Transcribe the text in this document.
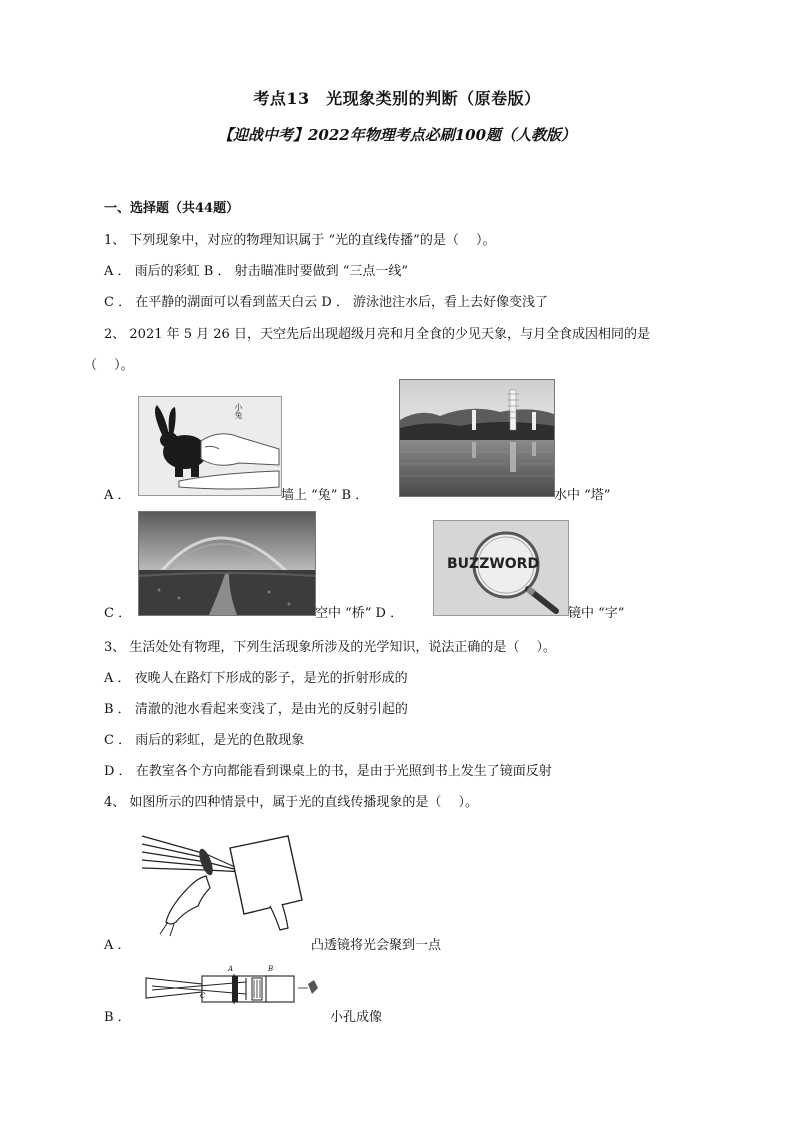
考点13　光现象类别的判断（原卷版）
【迎战中考】2022年物理考点必刷100题（人教版）
一、选择题（共44题）
1、 下列现象中，对应的物理知识属于 “光的直线传播”的是（　 ）。
A ． 雨后的彩虹 B ． 射击瞄准时要做到 “三点一线”
C ． 在平静的湖面可以看到蓝天白云 D ． 游泳池注水后，看上去好像变浅了
2、 2021 年 5 月 26 日，天空先后出现超级月亮和月全食的少见天象，与月全食成因相同的是
（　 ）。
A ．
小兔
墙上 “兔” B ．	水中 “塔”
C ．	空中 “桥” D ．
BUZZWORD
镜中 “字”
3、 生活处处有物理，下列生活现象所涉及的光学知识，说法正确的是（　 ）。
A ． 夜晚人在路灯下形成的影子，是光的折射形成的
B ． 清澈的池水看起来变浅了，是由光的反射引起的
C ． 雨后的彩虹，是光的色散现象
D ． 在教室各个方向都能看到课桌上的书，是由于光照到书上发生了镜面反射
4、 如图所示的四种情景中，属于光的直线传播现象的是（　 ）。
A ．	凸透镜将光会聚到一点
B ．
A	B
C
小孔成像
